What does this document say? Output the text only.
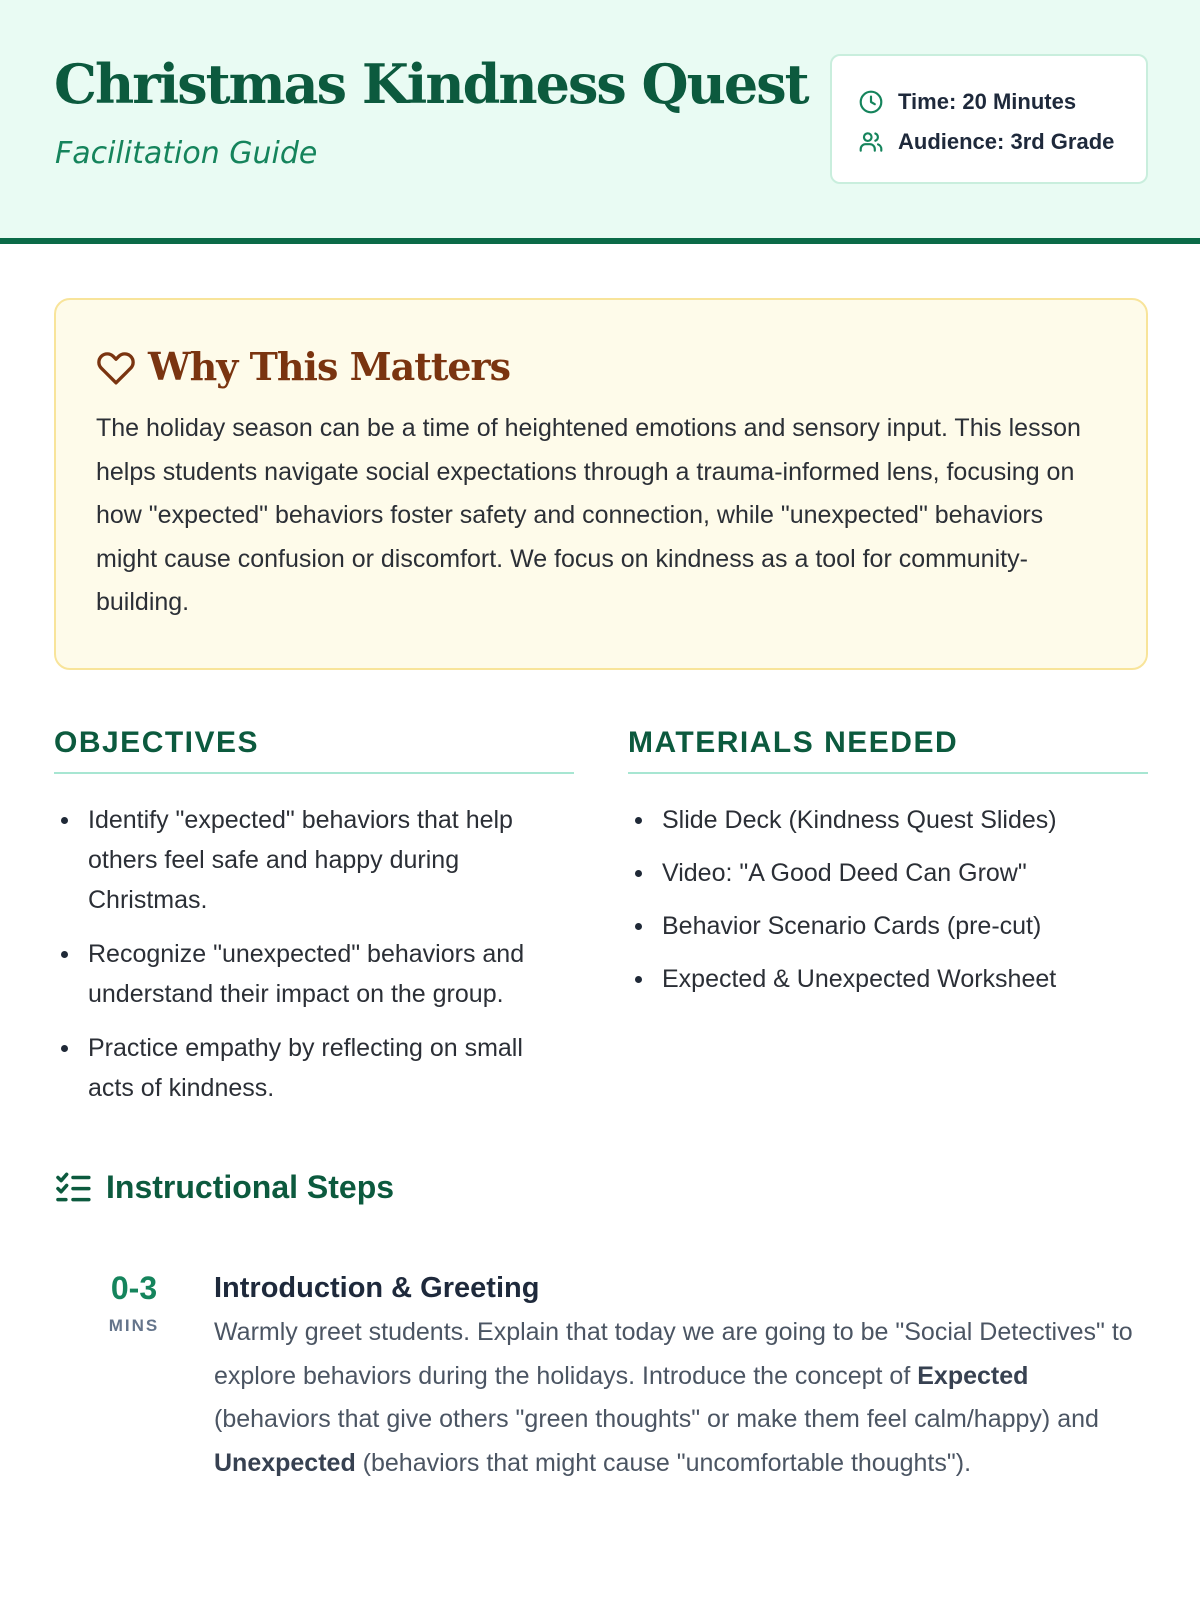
Christmas Kindness Quest

Facilitation Guide

Time: 20 Minutes
Audience: 3rd Grade
Why This Matters

The holiday season can be a time of heightened emotions and sensory input. This lesson helps students navigate social expectations through a trauma-informed lens, focusing on how "expected" behaviors foster safety and connection, while "unexpected" behaviors might cause confusion or discomfort. We focus on kindness as a tool for community-building.

OBJECTIVES
Identify "expected" behaviors that help others feel safe and happy during Christmas.
Recognize "unexpected" behaviors and understand their impact on the group.
Practice empathy by reflecting on small acts of kindness.
MATERIALS NEEDED
Slide Deck (Kindness Quest Slides)
Video: "A Good Deed Can Grow"
Behavior Scenario Cards (pre-cut)
Expected & Unexpected Worksheet
Instructional Steps
0-3
MINS
Introduction & Greeting

Warmly greet students. Explain that today we are going to be "Social Detectives" to explore behaviors during the holidays. Introduce the concept of Expected (behaviors that give others "green thoughts" or make them feel calm/happy) and Unexpected (behaviors that might cause "uncomfortable thoughts").
